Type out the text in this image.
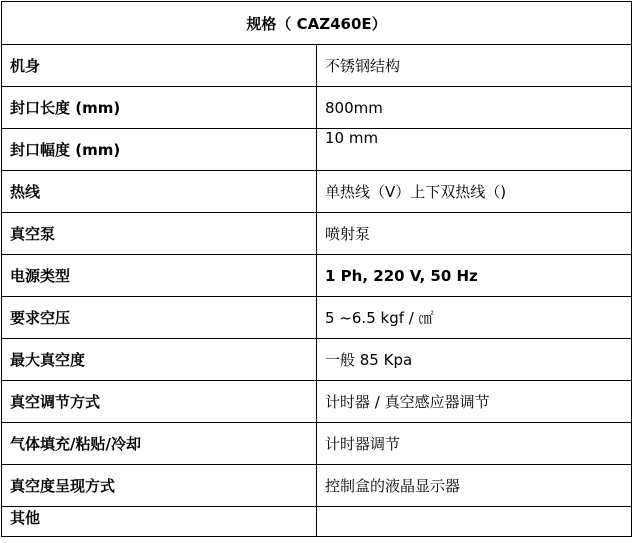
规格（ CAZ460E）	
机身	不锈钢结构
封口长度 (mm)	800mm
封口幅度 (mm)	10 mm
热线	单热线（V）上下双热线（)
真空泵	喷射泵
电源类型	1 Ph, 220 V, 50 Hz
要求空压	5 ~6.5 kgf / ㎠
最大真空度	一般 85 Kpa
真空调节方式	计时器 / 真空感应器调节
气体填充/粘贴/冷却	计时器调节
真空度呈现方式	控制盒的液晶显示器
其他	
